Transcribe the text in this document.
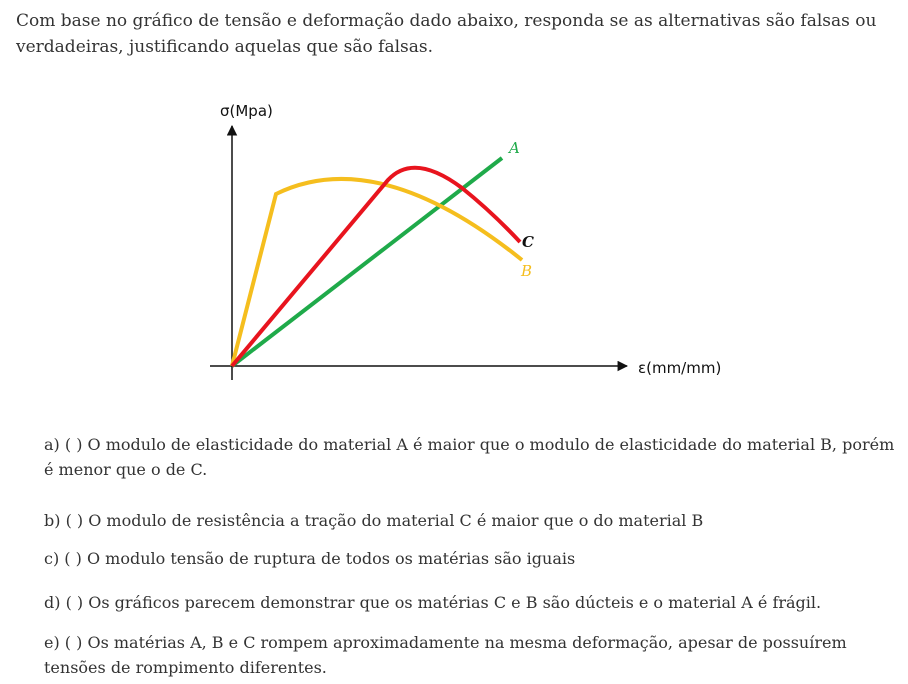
Com base no gráfico de tensão e deformação dado abaixo, responda se as alternativas são falsas ou verdadeiras, justificando aquelas que são falsas.

σ(Mpa)
ε(mm/mm)
A
C
B

a) ( ) O modulo de elasticidade do material A é maior que o modulo de elasticidade do material B, porém é menor que o de C.

b) ( ) O modulo de resistência a tração do material C é maior que o do material B

c) ( ) O modulo tensão de ruptura de todos os matérias são iguais

d) ( ) Os gráficos parecem demonstrar que os matérias C e B são dúcteis e o material A é frágil.

e) ( ) Os matérias A, B e C rompem aproximadamente na mesma deformação, apesar de possuírem tensões de rompimento diferentes.
